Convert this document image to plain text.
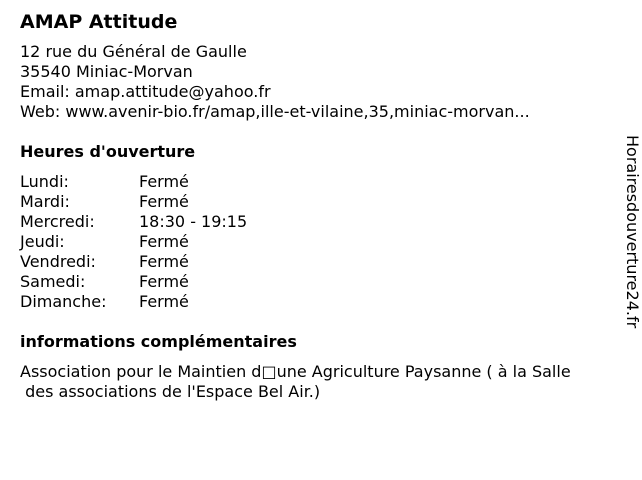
AMAP Attitude
12 rue du Général de Gaulle
35540 Miniac-Morvan
Email: amap.attitude@yahoo.fr
Web: www.avenir-bio.fr/amap,ille-et-vilaine,35,miniac-morvan...
Heures d'ouverture
Lundi:	Fermé
Mardi:	Fermé
Mercredi:	18:30 - 19:15
Jeudi:	Fermé
Vendredi:	Fermé
Samedi:	Fermé
Dimanche:	Fermé
informations complémentaires
Association pour le Maintien d□une Agriculture Paysanne ( à la Salle
des associations de l'Espace Bel Air.)
Horairesdouverture24.fr
